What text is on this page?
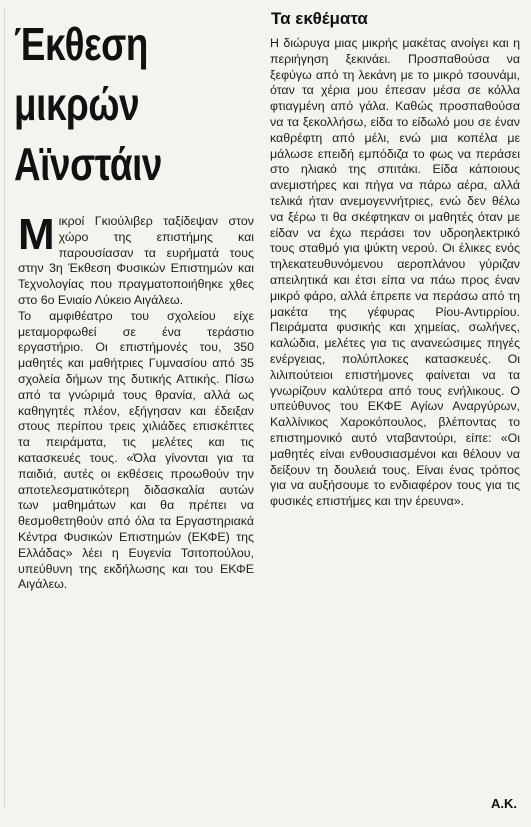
Έκθεση
μικρών
Αϊνστάιν
Μ ικροί Γκιούλιβερ ταξίδεψαν στον χώρο της επιστήμης και παρουσίασαν τα ευρήματά τους στην 3η Έκθεση Φυσικών Επιστημών και Τεχνολογίας που πραγματοποιήθηκε χθες στο 6ο Ενιαίο Λύκειο Αιγάλεω.

Το αμφιθέατρο του σχολείου είχε μεταμορφωθεί σε ένα τεράστιο εργαστήριο. Οι επιστήμονές του, 350 μαθητές και μαθήτριες Γυμνασίου από 35 σχολεία δήμων της δυτικής Αττικής. Πίσω από τα γνώριμά τους θρανία, αλλά ως καθηγητές πλέον, εξήγησαν και έδειξαν στους περίπου τρεις χιλιάδες επισκέπτες τα πειράματα, τις μελέτες και τις κατασκευές τους. «Όλα γίνονται για τα παιδιά, αυτές οι εκθέσεις προωθούν την αποτελεσματικότερη διδασκαλία αυτών των μαθημάτων και θα πρέπει να θεσμοθετηθούν από όλα τα Εργαστηριακά Κέντρα Φυσικών Επιστημών (ΕΚΦΕ) της Ελλάδας» λέει η Ευγενία Τσιτοπούλου, υπεύθυνη της εκδήλωσης και του ΕΚΦΕ Αιγάλεω.

Τα εκθέματα

Η διώρυγα μιας μικρής μακέτας ανοίγει και η περιήγηση ξεκινάει. Προσπαθούσα να ξεφύγω από τη λεκάνη με το μικρό τσουνάμι, όταν τα χέρια μου έπεσαν μέσα σε κόλλα φτιαγμένη από γάλα. Καθώς προσπαθούσα να τα ξεκολλήσω, είδα το είδωλό μου σε έναν καθρέφτη από μέλι, ενώ μια κοπέλα με μάλωσε επειδή εμπόδιζα το φως να περάσει στο ηλιακό της σπιτάκι. Είδα κάποιους ανεμιστήρες και πήγα να πάρω αέρα, αλλά τελικά ήταν ανεμογεννήτριες, ενώ δεν θέλω να ξέρω τι θα σκέφτηκαν οι μαθητές όταν με είδαν να έχω περάσει τον υδροηλεκτρικό τους σταθμό για ψύκτη νερού. Οι έλικες ενός τηλεκατευθυνόμενου αεροπλάνου γύριζαν απειλητικά και έτσι είπα να πάω προς έναν μικρό φάρο, αλλά έπρεπε να περάσω από τη μακέτα της γέφυρας Ρίου-Αντιρρίου. Πειράματα φυσικής και χημείας, σωλήνες, καλώδια, μελέτες για τις ανανεώσιμες πηγές ενέργειας, πολύπλοκες κατασκευές. Οι λιλιπούτειοι επιστήμονες φαίνεται να τα γνωρίζουν καλύτερα από τους ενήλικους. Ο υπεύθυνος του ΕΚΦΕ Αγίων Αναργύρων, Καλλίνικος Χαροκόπουλος, βλέποντας το επιστημονικό αυτό νταβαντούρι, είπε: «Οι μαθητές είναι ενθουσιασμένοι και θέλουν να δείξουν τη δουλειά τους. Είναι ένας τρόπος για να αυξήσουμε το ενδιαφέρον τους για τις φυσικές επιστήμες και την έρευνα».

Α.Κ.
